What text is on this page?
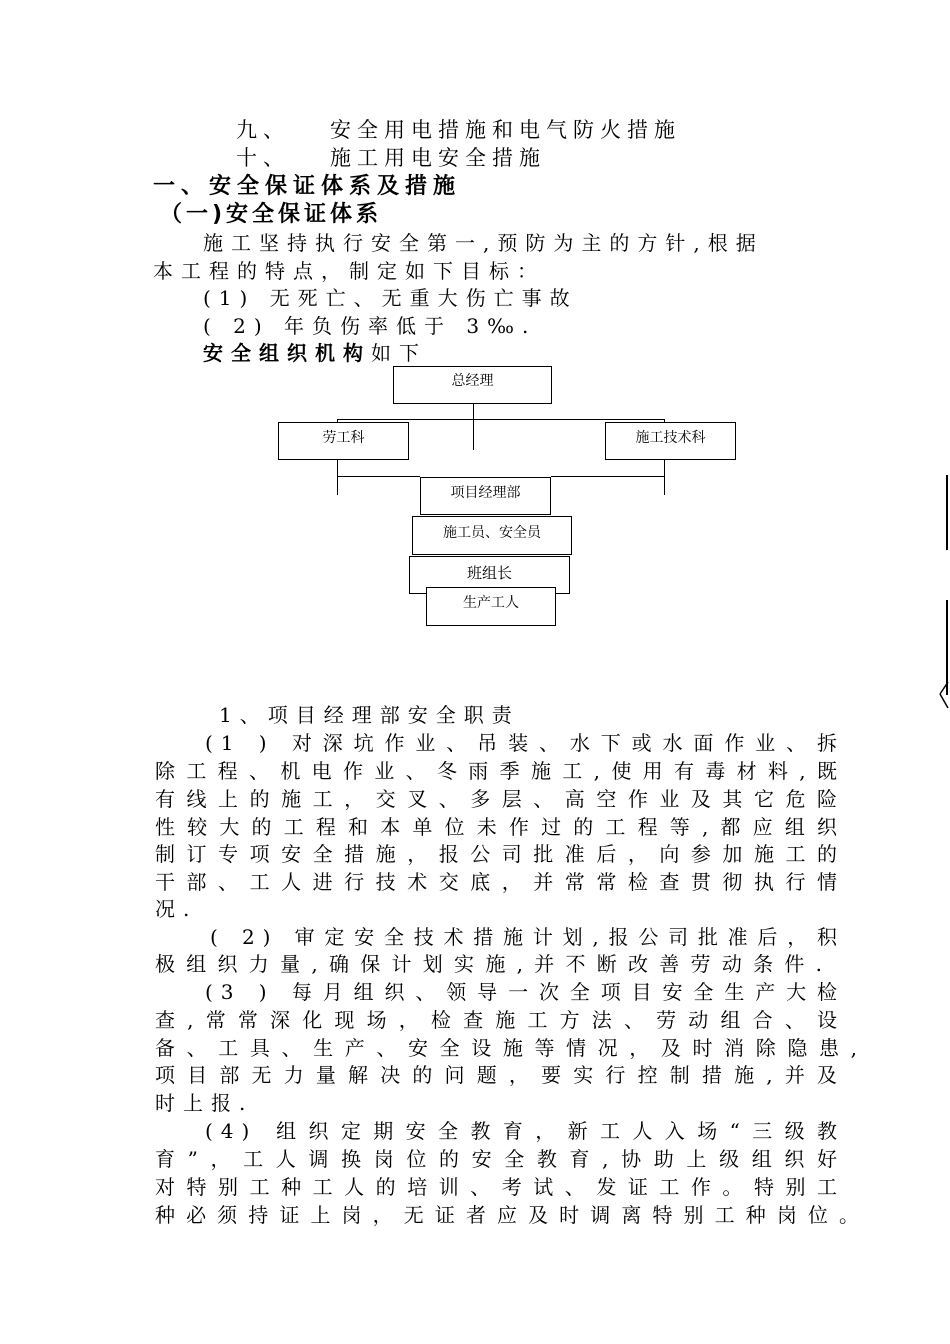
九、 安全用电措施和电气防火措施
十、 施工用电安全措施
一、安全保证体系及措施
（一)安全保证体系
施工坚持执行安全第一,预防为主的方针,根据
本工程的特点，制定如下目标：
(1) 无死亡、无重大伤亡事故
( 2) 年负伤率低于 3‰.
安全组织机构如下
总经理
劳工科	施工技术科
项目经理部
施工员、安全员
班组长
生产工人
1、项目经理部安全职责
(1 ) 对深坑作业、吊装、水下或水面作业、拆
除工程、机电作业、冬雨季施工,使用有毒材料,既
有线上的施工，交叉、多层、高空作业及其它危险
性较大的工程和本单位未作过的工程等,都应组织
制订专项安全措施，报公司批准后，向参加施工的
干部、工人进行技术交底，并常常检查贯彻执行情
况.
( 2) 审定安全技术措施计划,报公司批准后，积
极组织力量,确保计划实施,并不断改善劳动条件.
(3 ) 每月组织、领导一次全项目安全生产大检
查,常常深化现场，检查施工方法、劳动组合、设
备、工具、生产、安全设施等情况，及时消除隐患,
项目部无力量解决的问题，要实行控制措施,并及
时上报.
(4) 组织定期安全教育，新工人入场“三级教
育”，工人调换岗位的安全教育,协助上级组织好
对特别工种工人的培训、考试、发证工作。特别工
种必须持证上岗，无证者应及时调离特别工种岗位。
